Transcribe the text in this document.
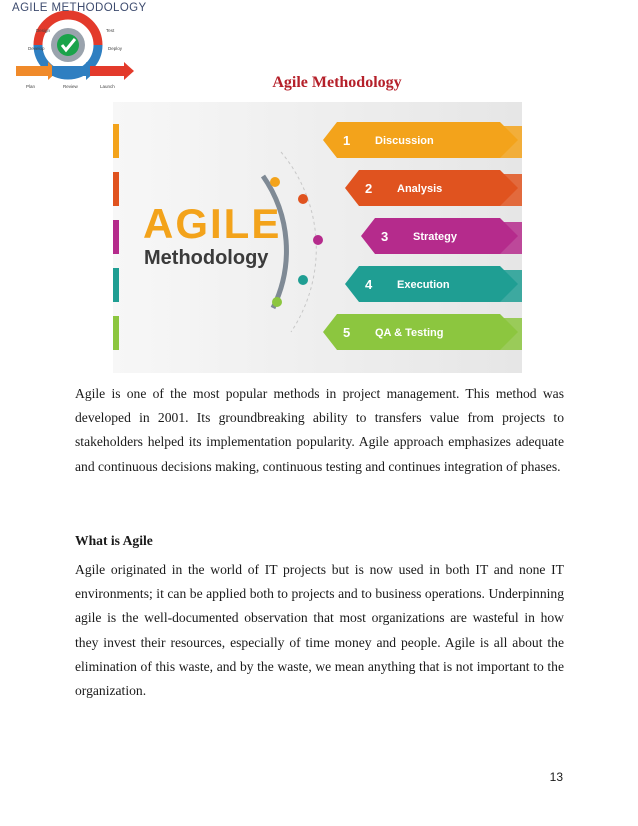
AGILE METHODOLOGY
Design	Test
Develop	Deploy
Plan	Review	Launch	Agile Methodology
AGILE
Methodology
1 Discussion
2 Analysis
3 Strategy
4 Execution
5 QA & Testing

Agile is one of the most popular methods in project management. This method was developed in 2001. Its groundbreaking ability to transfers value from projects to stakeholders helped its implementation popularity. Agile approach emphasizes adequate and continuous decisions making, continuous testing and continues integration of phases.

What is Agile

Agile originated in the world of IT projects but is now used in both IT and none IT environments; it can be applied both to projects and to business operations. Underpinning agile is the well-documented observation that most organizations are wasteful in how they invest their resources, especially of time money and people. Agile is all about the elimination of this waste, and by the waste, we mean anything that is not important to the organization.

13
